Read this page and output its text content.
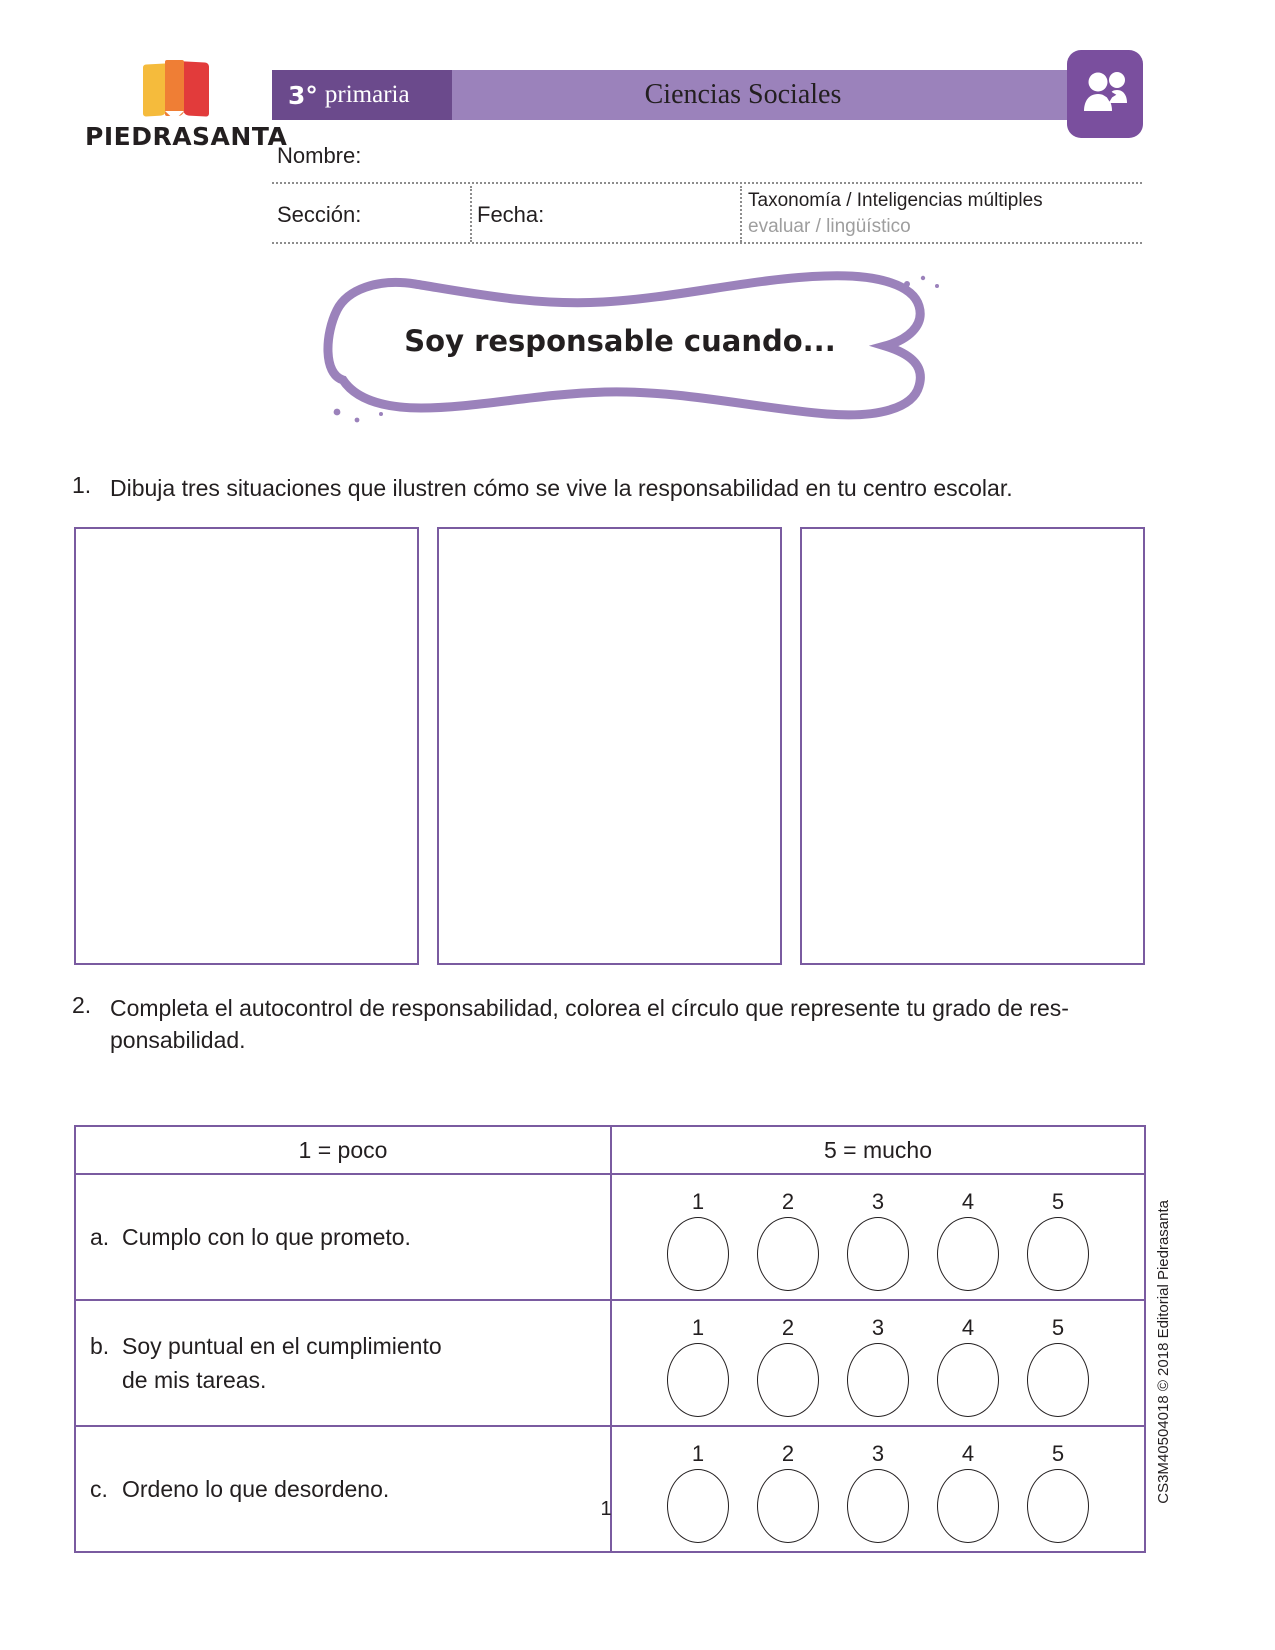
PIEDRASANTA
3° primaria	Ciencias Sociales
Nombre:
Sección:	Fecha:
Taxonomía / Inteligencias múltiples
evaluar / lingüístico
Soy responsable cuando...
1. Dibuja tres situaciones que ilustren cómo se vive la responsabilidad en tu centro escolar.
2. Completa el autocontrol de responsabilidad, colorea el círculo que represente tu grado de res-
ponsabilidad.
1 = poco	5 = mucho

a. Cumplo con lo que prometo.	1 2 3 4 5

b. Soy puntual en el cumplimiento
de mis tareas.	1 2 3 4 5

c. Ordeno lo que desordeno.	1 2 3 4 5
1
CS3M40504018 © 2018 Editorial Piedrasanta
